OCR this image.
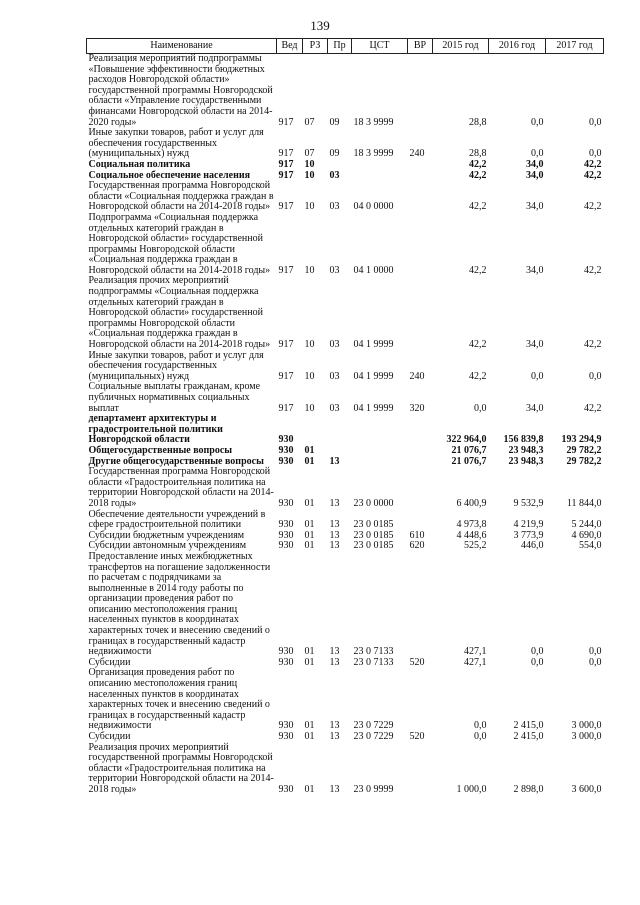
139
Наименование	Вед	РЗ	Пр	ЦСТ	ВР	2015 год	2016 год	2017 год
Реализация мероприятий подпрограммы «Повышение эффективности бюджетных расходов Новгородской области» государственной программы Новгородской области «Управление государственными финансами Новгородской области на 2014-2020 годы»	917	07	09	18 3 9999		28,8	0,0	0,0
Иные закупки товаров, работ и услуг для обеспечения государственных (муниципальных) нужд	917	07	09	18 3 9999	240	28,8	0,0	0,0
Социальная политика	917	10				42,2	34,0	42,2
Социальное обеспечение населения	917	10	03			42,2	34,0	42,2
Государственная программа Новгородской области «Социальная поддержка граждан в Новгородской области на 2014-2018 годы»	917	10	03	04 0 0000		42,2	34,0	42,2
Подпрограмма «Социальная поддержка отдельных категорий граждан в Новгородской области» государственной программы Новгородской области «Социальная поддержка граждан в Новгородской области на 2014-2018 годы»	917	10	03	04 1 0000		42,2	34,0	42,2
Реализация прочих мероприятий подпрограммы «Социальная поддержка отдельных категорий граждан в Новгородской области» государственной программы Новгородской области «Социальная поддержка граждан в Новгородской области на 2014-2018 годы»	917	10	03	04 1 9999		42,2	34,0	42,2
Иные закупки товаров, работ и услуг для обеспечения государственных (муниципальных) нужд	917	10	03	04 1 9999	240	42,2	0,0	0,0
Социальные выплаты гражданам, кроме публичных нормативных социальных выплат	917	10	03	04 1 9999	320	0,0	34,0	42,2
департамент архитектуры и градостроительной политики Новгородской области	930					322 964,0	156 839,8	193 294,9
Общегосударственные вопросы	930	01				21 076,7	23 948,3	29 782,2
Другие общегосударственные вопросы	930	01	13			21 076,7	23 948,3	29 782,2
Государственная программа Новгородской области «Градостроительная политика на территории Новгородской области на 2014-2018 годы»	930	01	13	23 0 0000		6 400,9	9 532,9	11 844,0
Обеспечение деятельности учреждений в сфере градостроительной политики	930	01	13	23 0 0185		4 973,8	4 219,9	5 244,0
Субсидии бюджетным учреждениям	930	01	13	23 0 0185	610	4 448,6	3 773,9	4 690,0
Субсидии автономным учреждениям	930	01	13	23 0 0185	620	525,2	446,0	554,0
Предоставление иных межбюджетных трансфертов на погашение задолженности по расчетам с подрядчиками за выполненные в 2014 году работы по организации проведения работ по описанию местоположения границ населенных пунктов в координатах характерных точек и внесению сведений о границах в государственный кадастр недвижимости	930	01	13	23 0 7133		427,1	0,0	0,0
Субсидии	930	01	13	23 0 7133	520	427,1	0,0	0,0
Организация проведения работ по описанию местоположения границ населенных пунктов в координатах характерных точек и внесению сведений о границах в государственный кадастр недвижимости	930	01	13	23 0 7229		0,0	2 415,0	3 000,0
Субсидии	930	01	13	23 0 7229	520	0,0	2 415,0	3 000,0
Реализация прочих мероприятий государственной программы Новгородской области «Градостроительная политика на территории Новгородской области на 2014-2018 годы»	930	01	13	23 0 9999		1 000,0	2 898,0	3 600,0
